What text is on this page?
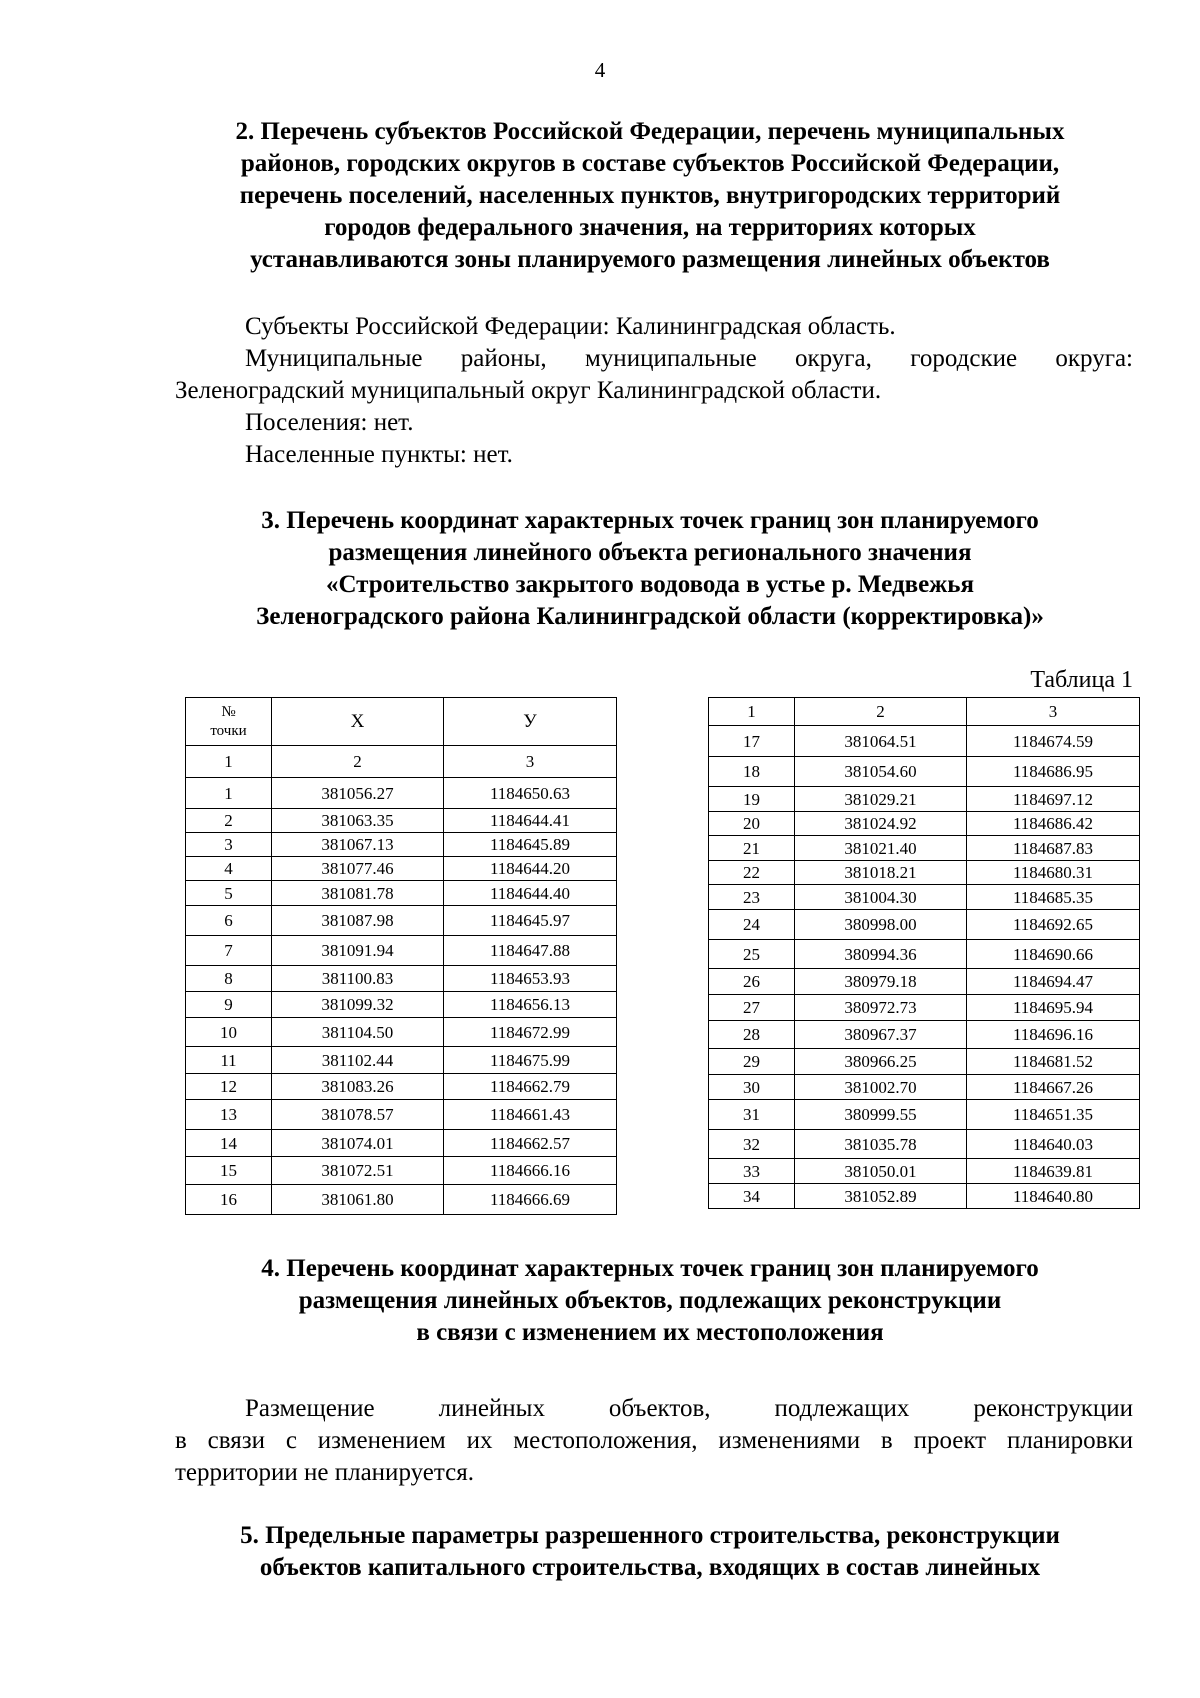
4
2. Перечень субъектов Российской Федерации, перечень муниципальных
районов, городских округов в составе субъектов Российской Федерации,
перечень поселений, населенных пунктов, внутригородских территорий
городов федерального значения, на территориях которых
устанавливаются зоны планируемого размещения линейных объектов
Субъекты Российской Федерации: Калининградская область.
Муниципальные районы, муниципальные округа, городские округа:
Зеленоградский муниципальный округ Калининградской области.
Поселения: нет.
Населенные пункты: нет.
3. Перечень координат характерных точек границ зон планируемого
размещения линейного объекта регионального значения
«Строительство закрытого водовода в устье р. Медвежья
Зеленоградского района Калининградской области (корректировка)»
Таблица 1
№
точки	Х	У
1	2	3
1	381056.27	1184650.63
2	381063.35	1184644.41
3	381067.13	1184645.89
4	381077.46	1184644.20
5	381081.78	1184644.40
6	381087.98	1184645.97
7	381091.94	1184647.88
8	381100.83	1184653.93
9	381099.32	1184656.13
10	381104.50	1184672.99
11	381102.44	1184675.99
12	381083.26	1184662.79
13	381078.57	1184661.43
14	381074.01	1184662.57
15	381072.51	1184666.16
16	381061.80	1184666.69
1	2	3
17	381064.51	1184674.59
18	381054.60	1184686.95
19	381029.21	1184697.12
20	381024.92	1184686.42
21	381021.40	1184687.83
22	381018.21	1184680.31
23	381004.30	1184685.35
24	380998.00	1184692.65
25	380994.36	1184690.66
26	380979.18	1184694.47
27	380972.73	1184695.94
28	380967.37	1184696.16
29	380966.25	1184681.52
30	381002.70	1184667.26
31	380999.55	1184651.35
32	381035.78	1184640.03
33	381050.01	1184639.81
34	381052.89	1184640.80
4. Перечень координат характерных точек границ зон планируемого
размещения линейных объектов, подлежащих реконструкции
в связи с изменением их местоположения
Размещение линейных объектов, подлежащих реконструкции
в связи с изменением их местоположения, изменениями в проект планировки
территории не планируется.
5. Предельные параметры разрешенного строительства, реконструкции
объектов капитального строительства, входящих в состав линейных
